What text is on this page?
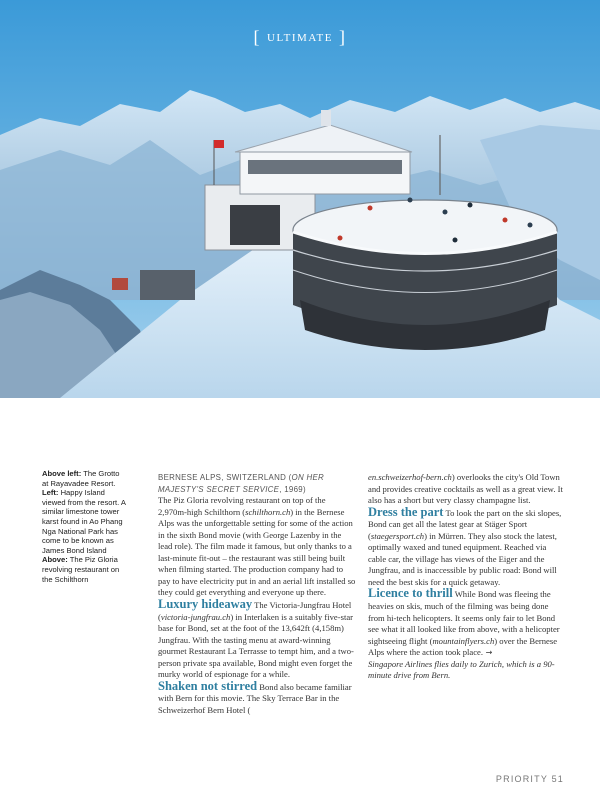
[ ULTIMATE ]

Above left: The Grotto at Rayavadee Resort.

Left: Happy Island viewed from the resort. A similar limestone tower karst found in Ao Phang Nga National Park has come to be known as James Bond Island

Above: The Piz Gloria revolving restaurant on the Schilthorn

BERNESE ALPS, SWITZERLAND (ON HER MAJESTY'S SECRET SERVICE, 1969)

The Piz Gloria revolving restaurant on top of the 2,970m-high Schilthorn (schilthorn.ch) in the Bernese Alps was the unforgettable setting for some of the action in the sixth Bond movie (with George Lazenby in the lead role). The film made it famous, but only thanks to a last-minute fit-out – the restaurant was still being built when filming started. The production company had to pay to have electricity put in and an aerial lift installed so they could get everything and everyone up there.

Luxury hideaway The Victoria-Jungfrau Hotel (victoria-jungfrau.ch) in Interlaken is a suitably five-star base for Bond, set at the foot of the 13,642ft (4,158m) Jungfrau. With the tasting menu at award-winning gourmet Restaurant La Terrasse to tempt him, and a two-person private spa available, Bond might even forget the murky world of espionage for a while.

Shaken not stirred Bond also became familiar with Bern for this movie. The Sky Terrace Bar in the Schweizerhof Bern Hotel (

en.schweizerhof-bern.ch) overlooks the city's Old Town and provides creative cocktails as well as a great view. It also has a short but very classy champagne list.

Dress the part To look the part on the ski slopes, Bond can get all the latest gear at Stäger Sport (staegersport.ch) in Mürren. They also stock the latest, optimally waxed and tuned equipment. Reached via cable car, the village has views of the Eiger and the Jungfrau, and is inaccessible by public road: Bond will need the best skis for a quick getaway.

Licence to thrill While Bond was fleeing the heavies on skis, much of the filming was being done from hi-tech helicopters. It seems only fair to let Bond see what it all looked like from above, with a helicopter sightseeing flight (mountainflyers.ch) over the Bernese Alps where the action took place. →

Singapore Airlines flies daily to Zurich, which is a 90-minute drive from Bern.

PRIORITY 51
